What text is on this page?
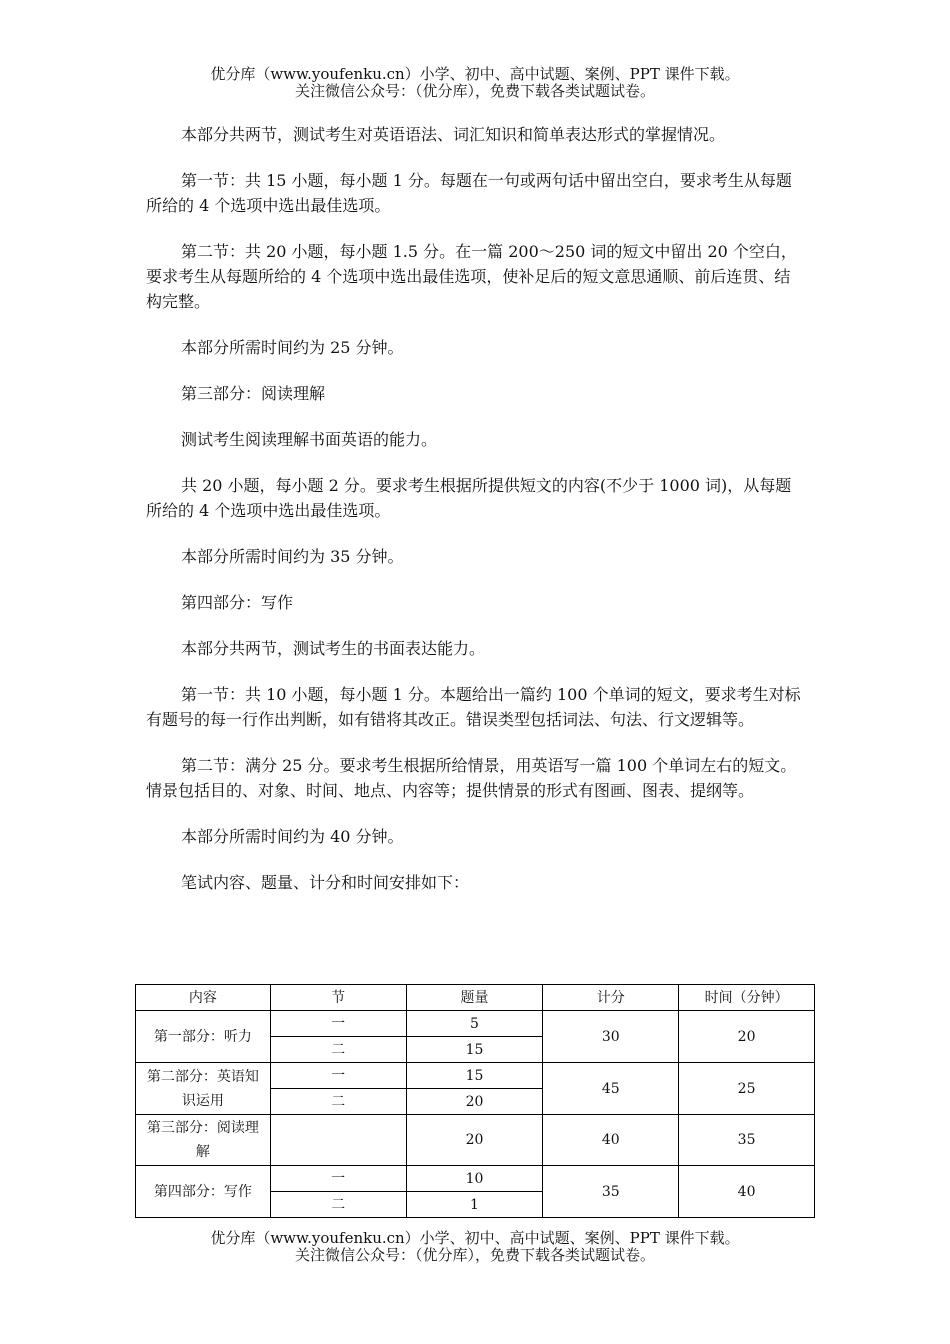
优分库（www.youfenku.cn）小学、初中、高中试题、案例、PPT 课件下载。
关注微信公众号：（优分库），免费下载各类试题试卷。

本部分共两节，测试考生对英语语法、词汇知识和简单表达形式的掌握情况。

第一节：共 15 小题，每小题 1 分。每题在一句或两句话中留出空白，要求考生从每题所给的 4 个选项中选出最佳选项。

第二节：共 20 小题，每小题 1.5 分。在一篇 200～250 词的短文中留出 20 个空白，要求考生从每题所给的 4 个选项中选出最佳选项，使补足后的短文意思通顺、前后连贯、结构完整。

本部分所需时间约为 25 分钟。

第三部分：阅读理解

测试考生阅读理解书面英语的能力。

共 20 小题，每小题 2 分。要求考生根据所提供短文的内容(不少于 1000 词)，从每题所给的 4 个选项中选出最佳选项。

本部分所需时间约为 35 分钟。

第四部分：写作

本部分共两节，测试考生的书面表达能力。

第一节：共 10 小题，每小题 1 分。本题给出一篇约 100 个单词的短文，要求考生对标有题号的每一行作出判断，如有错将其改正。错误类型包括词法、句法、行文逻辑等。

第二节：满分 25 分。要求考生根据所给情景，用英语写一篇 100 个单词左右的短文。情景包括目的、对象、时间、地点、内容等；提供情景的形式有图画、图表、提纲等。

本部分所需时间约为 40 分钟。

笔试内容、题量、计分和时间安排如下：

内容	节	题量	计分	时间（分钟）
第一部分：听力	一	5	30	20
	二	15		
第二部分：英语知识运用	一	15	45	25
	二	20		
第三部分：阅读理解		20	40	35
第四部分：写作	一	10	35	40
	二	1		
优分库（www.youfenku.cn）小学、初中、高中试题、案例、PPT 课件下载。
关注微信公众号：（优分库），免费下载各类试题试卷。
